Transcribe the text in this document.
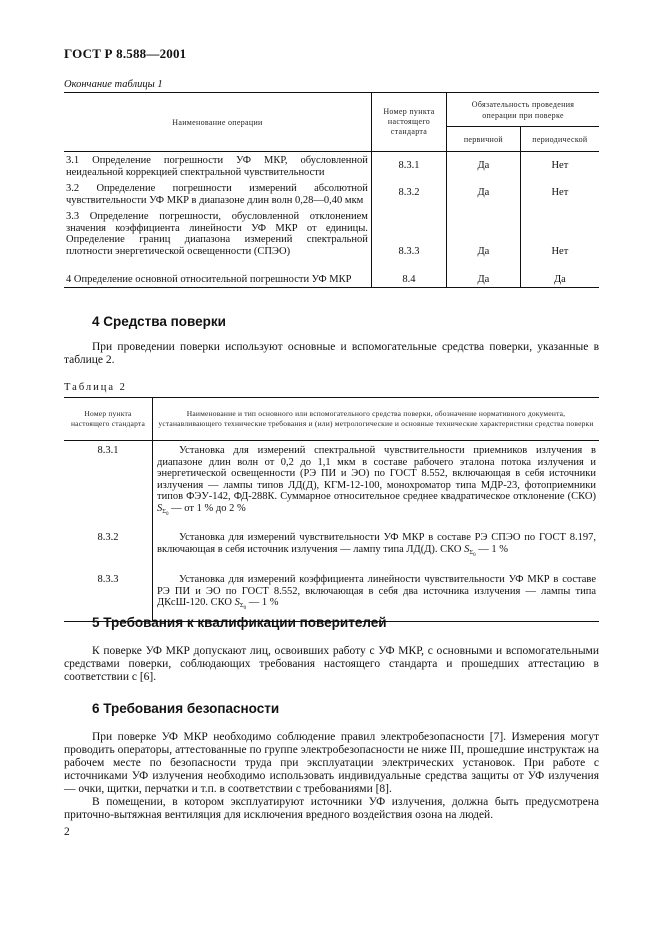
ГОСТ Р 8.588—2001
Окончание таблицы 1
Наименование операции	Номер пункта настоящего стандарта	Обязательность проведения операции при поверке	
		первичной	периодической
3.1 Определение погрешности УФ МКР, обусловленной неидеальной коррекцией спектральной чувствительности	8.3.1	Да	Нет
3.2 Определение погрешности измерений абсолютной чувствительности УФ МКР в диапазоне длин волн 0,28—0,40 мкм	8.3.2	Да	Нет
3.3 Определение погрешности, обусловленной отклонением значения коэффициента линейности УФ МКР от единицы. Определение границ диапазона измерений спектральной плотности энергетической освещенности (СПЭО)	8.3.3	Да	Нет
4 Определение основной относительной погрешности УФ МКР	8.4	Да	Да
4 Средства поверки

При проведении поверки используют основные и вспомогательные средства поверки, указанные в таблице 2.

Таблица 2
Номер пункта настоящего стандарта	Наименование и тип основного или вспомогательного средства поверки, обозначение нормативного документа, устанавливающего технические требования и (или) метрологические и основные технические характеристики средства поверки
8.3.1	Установка для измерений спектральной чувствительности приемников излучения в диапазоне длин волн от 0,2 до 1,1 мкм в составе рабочего эталона потока излучения и энергетической освещенности (РЭ ПИ и ЭО) по ГОСТ 8.552, включающая в себя источники излучения — лампы типов ЛД(Д), КГМ-12-100, монохроматор типа МДР-23, фотоприемники типов ФЭУ-142, ФД-288К. Суммарное относительное среднее квадратическое отклонение (СКО) $S_{\Sigma 0}$ — от 1 % до 2 %

8.3.2	Установка для измерений чувствительности УФ МКР в составе РЭ СПЭО по ГОСТ 8.197, включающая в себя источник излучения — лампу типа ЛД(Д). СКО $S_{\Sigma 0}$ — 1 %

8.3.3	Установка для измерений коэффициента линейности чувствительности УФ МКР в составе РЭ ПИ и ЭО по ГОСТ 8.552, включающая в себя два источника излучения — лампы типа ДКсШ-120. СКО $S_{\Sigma 0}$ — 1 %

5 Требования к квалификации поверителей

К поверке УФ МКР допускают лиц, освоивших работу с УФ МКР, с основными и вспомогательными средствами поверки, соблюдающих требования настоящего стандарта и прошедших аттестацию в соответствии с [6].

6 Требования безопасности

При поверке УФ МКР необходимо соблюдение правил электробезопасности [7]. Измерения могут проводить операторы, аттестованные по группе электробезопасности не ниже III, прошедшие инструктаж на рабочем месте по безопасности труда при эксплуатации электрических установок. При работе с источниками УФ излучения необходимо использовать индивидуальные средства защиты от УФ излучения — очки, щитки, перчатки и т.п. в соответствии с требованиями [8].

В помещении, в котором эксплуатируют источники УФ излучения, должна быть предусмотрена приточно-вытяжная вентиляция для исключения вредного воздействия озона на людей.

2
